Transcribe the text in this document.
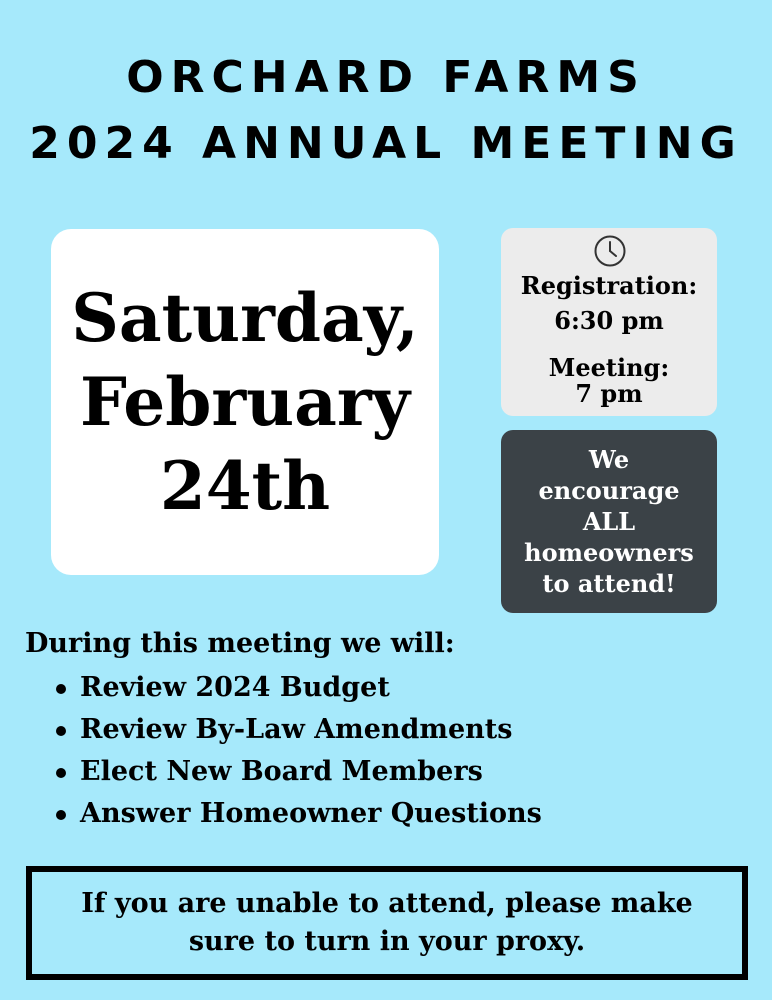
ORCHARD FARMS
2024 ANNUAL MEETING
Saturday,
February
24th
Registration:
6:30 pm
Meeting:
7 pm
We
encourage
ALL
homeowners
to attend!
During this meeting we will:
Review 2024 Budget
Review By-Law Amendments
Elect New Board Members
Answer Homeowner Questions
If you are unable to attend, please make
sure to turn in your proxy.
